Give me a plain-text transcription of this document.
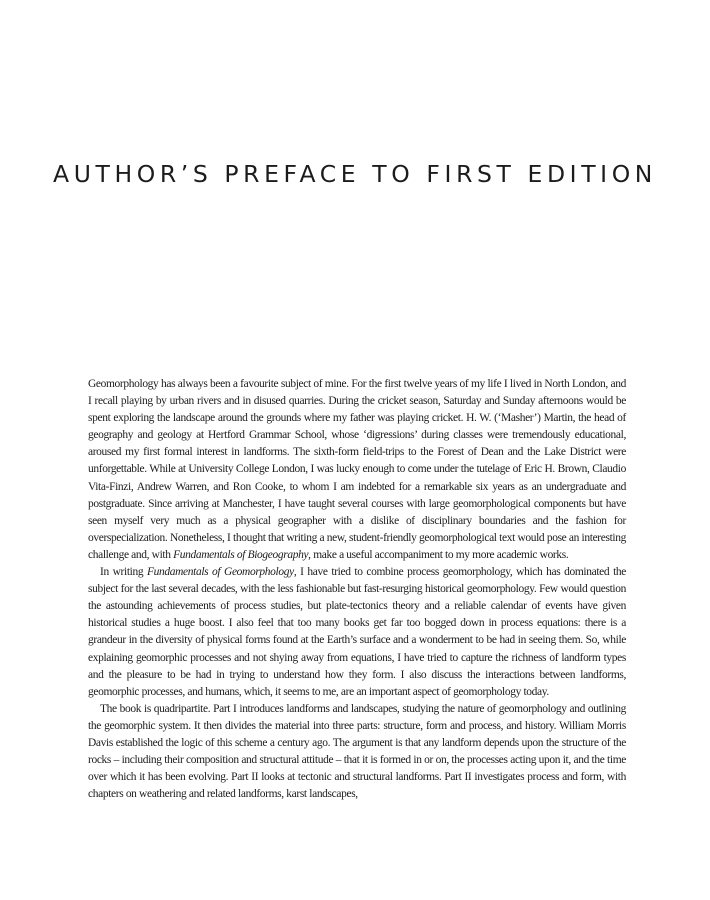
AUTHOR’S PREFACE TO FIRST EDITION

Geomorphology has always been a favourite subject of mine. For the first twelve years of my life I lived in North London, and I recall playing by urban rivers and in disused quarries. During the cricket season, Saturday and Sunday afternoons would be spent exploring the landscape around the grounds where my father was playing cricket. H. W. (‘Masher’) Martin, the head of geography and geology at Hertford Grammar School, whose ‘digressions’ during classes were tremendously educational, aroused my first formal interest in landforms. The sixth-form field-trips to the Forest of Dean and the Lake District were unforgettable. While at University College London, I was lucky enough to come under the tutelage of Eric H. Brown, Claudio Vita-Finzi, Andrew Warren, and Ron Cooke, to whom I am indebted for a remarkable six years as an undergraduate and postgraduate. Since arriving at Manchester, I have taught several courses with large geomorphological components but have seen myself very much as a physical geographer with a dislike of disciplinary boundaries and the fashion for overspecialization. Nonetheless, I thought that writing a new, student-friendly geomorphological text would pose an interesting challenge and, with Fundamentals of Biogeography, make a useful accompaniment to my more academic works.

In writing Fundamentals of Geomorphology, I have tried to combine process geomorphology, which has dominated the subject for the last several decades, with the less fashionable but fast-resurging historical geomorphology. Few would question the astounding achievements of process studies, but plate-tectonics theory and a reliable calendar of events have given historical studies a huge boost. I also feel that too many books get far too bogged down in process equations: there is a grandeur in the diversity of physical forms found at the Earth’s surface and a wonderment to be had in seeing them. So, while explaining geomorphic processes and not shying away from equations, I have tried to capture the richness of landform types and the pleasure to be had in trying to understand how they form. I also discuss the interactions between landforms, geomorphic processes, and humans, which, it seems to me, are an important aspect of geomorphology today.

The book is quadripartite. Part I introduces landforms and landscapes, studying the nature of geomorphology and outlining the geomorphic system. It then divides the material into three parts: structure, form and process, and history. William Morris Davis established the logic of this scheme a century ago. The argument is that any landform depends upon the structure of the rocks – including their composition and structural attitude – that it is formed in or on, the processes acting upon it, and the time over which it has been evolving. Part II looks at tectonic and structural landforms. Part II investigates process and form, with chapters on weathering and related landforms, karst landscapes,
